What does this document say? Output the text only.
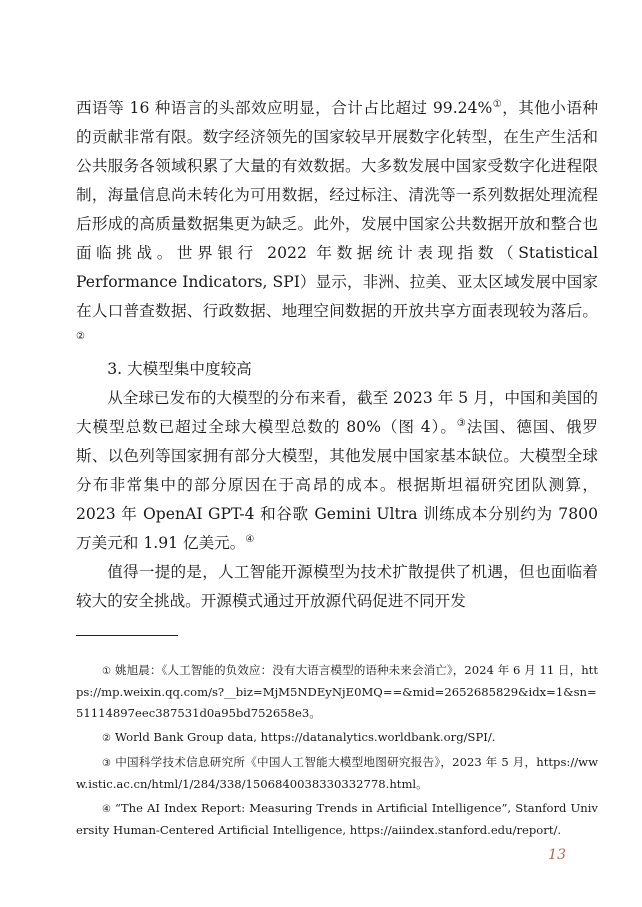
西语等 16 种语言的头部效应明显，合计占比超过 99.24%①，其他小语种的贡献非常有限。数字经济领先的国家较早开展数字化转型，在生产生活和公共服务各领域积累了大量的有效数据。大多数发展中国家受数字化进程限制，海量信息尚未转化为可用数据，经过标注、清洗等一系列数据处理流程后形成的高质量数据集更为缺乏。此外，发展中国家公共数据开放和整合也面临挑战。世界银行 2022 年数据统计表现指数（Statistical Performance Indicators, SPI）显示，非洲、拉美、亚太区域发展中国家在人口普查数据、行政数据、地理空间数据的开放共享方面表现较为落后。②

3. 大模型集中度较高

从全球已发布的大模型的分布来看，截至 2023 年 5 月，中国和美国的大模型总数已超过全球大模型总数的 80%（图 4）。③法国、德国、俄罗斯、以色列等国家拥有部分大模型，其他发展中国家基本缺位。大模型全球分布非常集中的部分原因在于高昂的成本。根据斯坦福研究团队测算，2023 年 OpenAI GPT-4 和谷歌 Gemini Ultra 训练成本分别约为 7800 万美元和 1.91 亿美元。④

值得一提的是，人工智能开源模型为技术扩散提供了机遇，但也面临着较大的安全挑战。开源模式通过开放源代码促进不同开发

① 姚旭晨：《人工智能的负效应：没有大语言模型的语种未来会消亡》，2024 年 6 月 11 日，https://mp.weixin.qq.com/s?__biz=MjM5NDEyNjE0MQ==&mid=2652685829&idx=1&sn=51114897eec387531d0a95bd752658e3。

② World Bank Group data, https://datanalytics.worldbank.org/SPI/.

③ 中国科学技术信息研究所《中国人工智能大模型地图研究报告》，2023 年 5 月，https://www.istic.ac.cn/html/1/284/338/1506840038330332778.html。

④ “The AI Index Report: Measuring Trends in Artificial Intelligence”, Stanford University Human-Centered Artificial Intelligence, https://aiindex.stanford.edu/report/.

13
